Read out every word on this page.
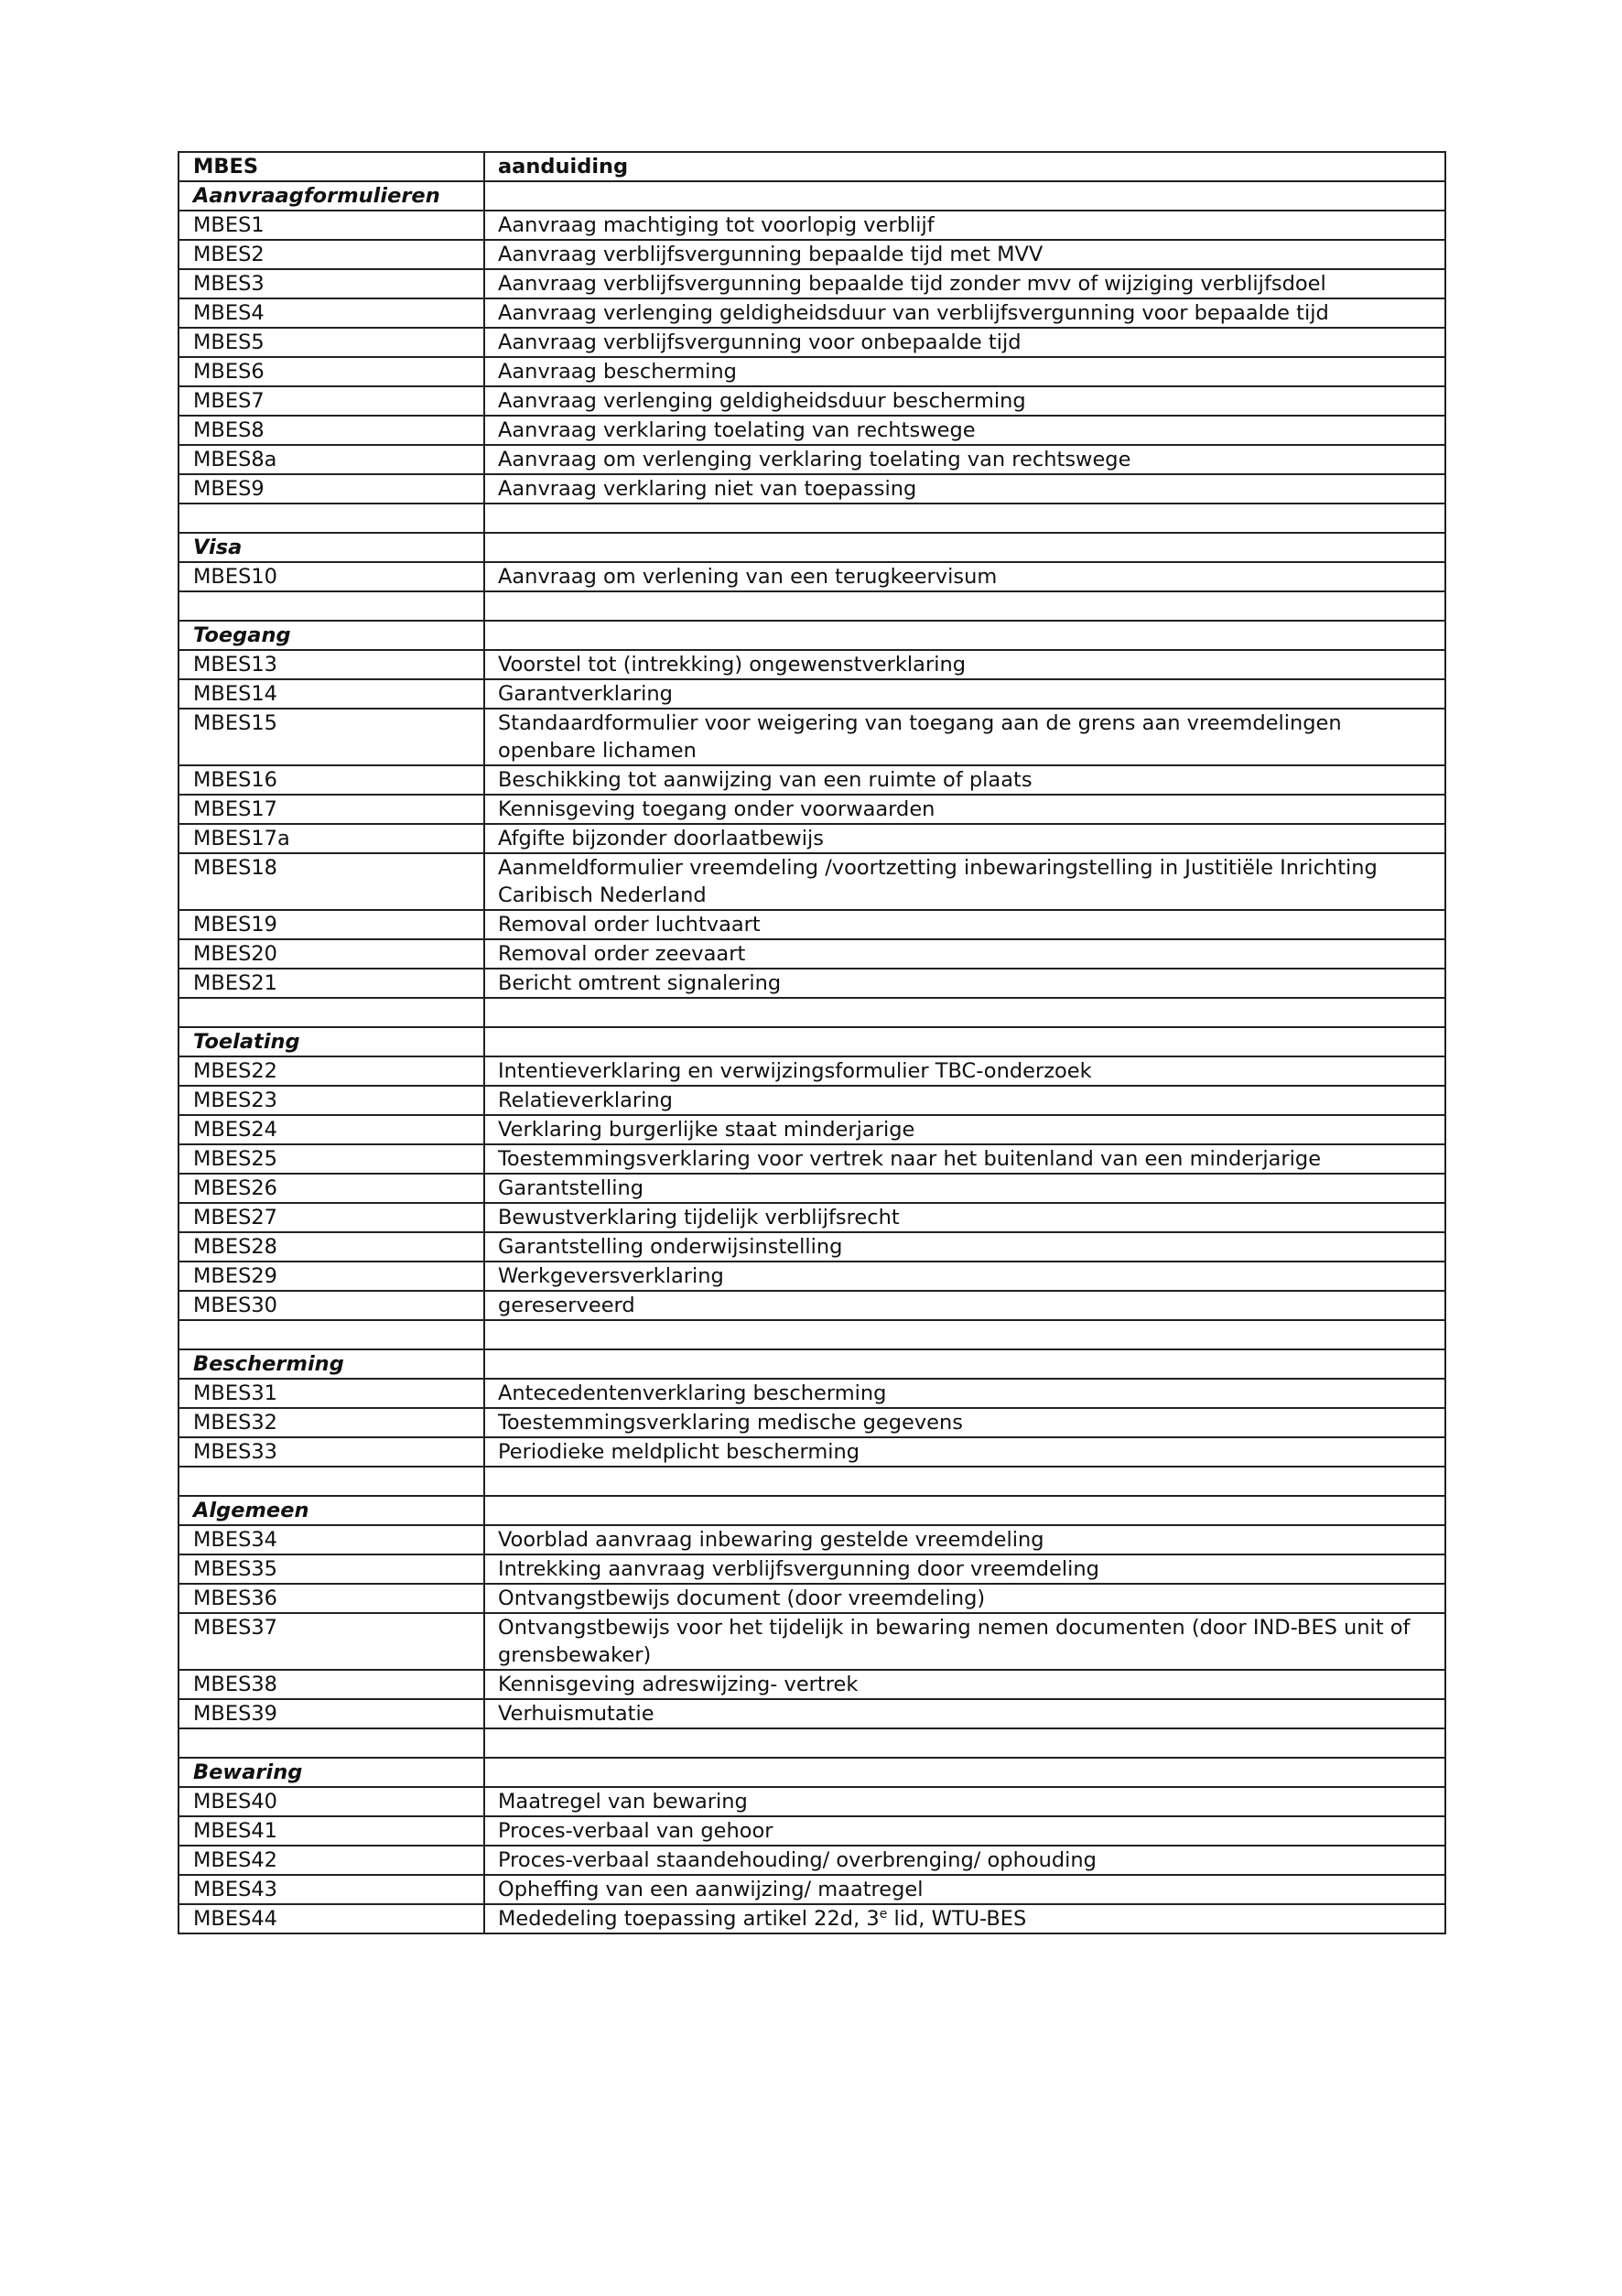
MBES	aanduiding
Aanvraagformulieren	
MBES1	Aanvraag machtiging tot voorlopig verblijf
MBES2	Aanvraag verblijfsvergunning bepaalde tijd met MVV
MBES3	Aanvraag verblijfsvergunning bepaalde tijd zonder mvv of wijziging verblijfsdoel
MBES4	Aanvraag verlenging geldigheidsduur van verblijfsvergunning voor bepaalde tijd
MBES5	Aanvraag verblijfsvergunning voor onbepaalde tijd
MBES6	Aanvraag bescherming
MBES7	Aanvraag verlenging geldigheidsduur bescherming
MBES8	Aanvraag verklaring toelating van rechtswege
MBES8a	Aanvraag om verlenging verklaring toelating van rechtswege
MBES9	Aanvraag verklaring niet van toepassing

Visa	
MBES10	Aanvraag om verlening van een terugkeervisum

Toegang	
MBES13	Voorstel tot (intrekking) ongewenstverklaring
MBES14	Garantverklaring
MBES15	Standaardformulier voor weigering van toegang aan de grens aan vreemdelingen openbare lichamen
MBES16	Beschikking tot aanwijzing van een ruimte of plaats
MBES17	Kennisgeving toegang onder voorwaarden
MBES17a	Afgifte bijzonder doorlaatbewijs
MBES18	Aanmeldformulier vreemdeling /voortzetting inbewaringstelling in Justitiële Inrichting Caribisch Nederland
MBES19	Removal order luchtvaart
MBES20	Removal order zeevaart
MBES21	Bericht omtrent signalering

Toelating	
MBES22	Intentieverklaring en verwijzingsformulier TBC-onderzoek
MBES23	Relatieverklaring
MBES24	Verklaring burgerlijke staat minderjarige
MBES25	Toestemmingsverklaring voor vertrek naar het buitenland van een minderjarige
MBES26	Garantstelling
MBES27	Bewustverklaring tijdelijk verblijfsrecht
MBES28	Garantstelling onderwijsinstelling
MBES29	Werkgeversverklaring
MBES30	gereserveerd

Bescherming	
MBES31	Antecedentenverklaring bescherming
MBES32	Toestemmingsverklaring medische gegevens
MBES33	Periodieke meldplicht bescherming

Algemeen	
MBES34	Voorblad aanvraag inbewaring gestelde vreemdeling
MBES35	Intrekking aanvraag verblijfsvergunning door vreemdeling
MBES36	Ontvangstbewijs document (door vreemdeling)
MBES37	Ontvangstbewijs voor het tijdelijk in bewaring nemen documenten (door IND-BES unit of grensbewaker)
MBES38	Kennisgeving adreswijzing- vertrek
MBES39	Verhuismutatie

Bewaring	
MBES40	Maatregel van bewaring
MBES41	Proces-verbaal van gehoor
MBES42	Proces-verbaal staandehouding/ overbrenging/ ophouding
MBES43	Opheffing van een aanwijzing/ maatregel
MBES44	Mededeling toepassing artikel 22d, 3e lid, WTU-BES
